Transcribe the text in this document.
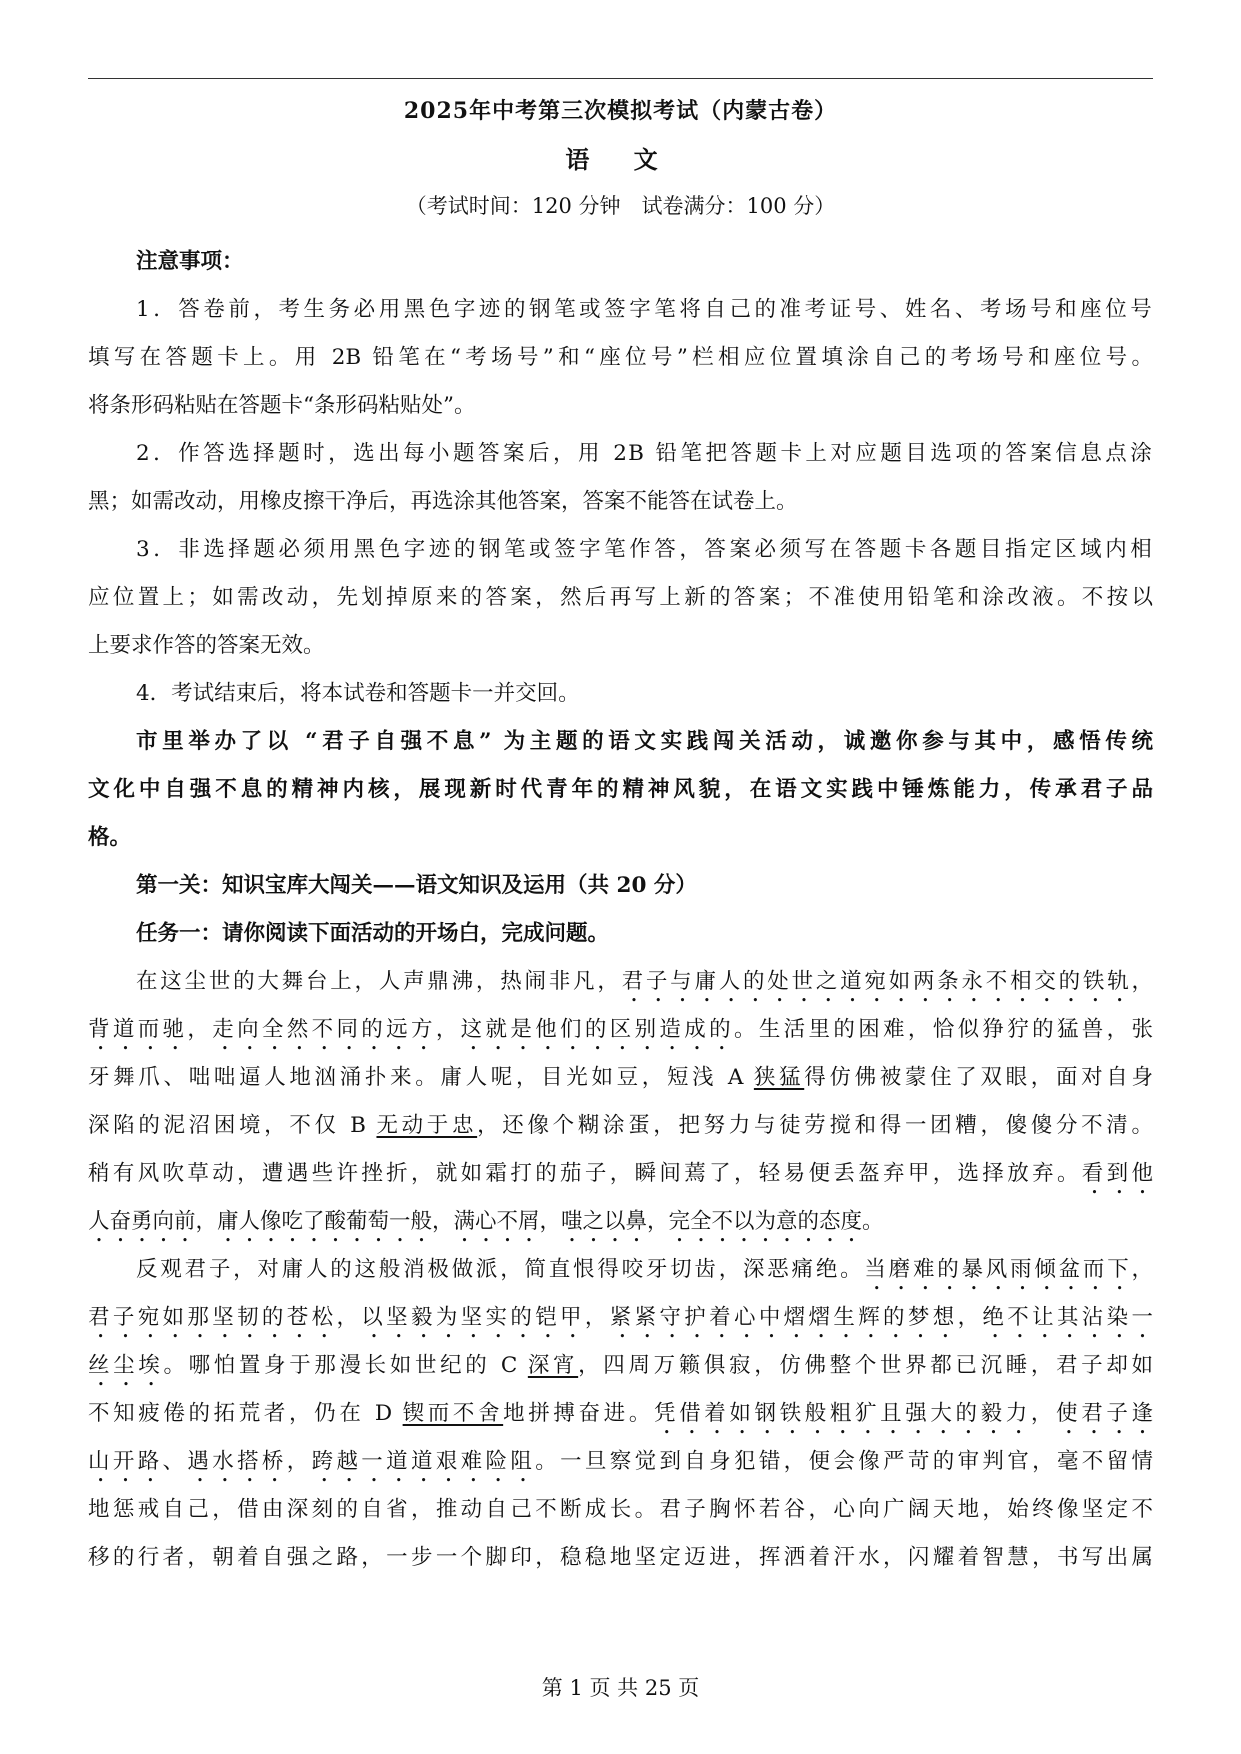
2025年中考第三次模拟考试（内蒙古卷）
语 文
（考试时间：120 分钟　试卷满分：100 分）
注意事项：
1．答卷前，考生务必用黑色字迹的钢笔或签字笔将自己的准考证号、姓名、考场号和座位号
填写在答题卡上。用 2B 铅笔在“考场号”和“座位号”栏相应位置填涂自己的考场号和座位号。
将条形码粘贴在答题卡“条形码粘贴处”。
2．作答选择题时，选出每小题答案后，用 2B 铅笔把答题卡上对应题目选项的答案信息点涂
黑；如需改动，用橡皮擦干净后，再选涂其他答案，答案不能答在试卷上。
3．非选择题必须用黑色字迹的钢笔或签字笔作答，答案必须写在答题卡各题目指定区域内相
应位置上；如需改动，先划掉原来的答案，然后再写上新的答案；不准使用铅笔和涂改液。不按以
上要求作答的答案无效。
4．考试结束后，将本试卷和答题卡一并交回。
市里举办了以 “君子自强不息” 为主题的语文实践闯关活动，诚邀你参与其中，感悟传统
文化中自强不息的精神内核，展现新时代青年的精神风貌，在语文实践中锤炼能力，传承君子品
格。
第一关：知识宝库大闯关——语文知识及运用（共 20 分）
任务一：请你阅读下面活动的开场白，完成问题。
在这尘世的大舞台上，人声鼎沸，热闹非凡，君子与庸人的处世之道宛如两条永不相交的铁轨，
背道而驰，走向全然不同的远方，这就是他们的区别造成的。生活里的困难，恰似狰狞的猛兽，张
牙舞爪、咄咄逼人地汹涌扑来。庸人呢，目光如豆，短浅 A 狭猛得仿佛被蒙住了双眼，面对自身
深陷的泥沼困境，不仅 B 无动于忠，还像个糊涂蛋，把努力与徒劳搅和得一团糟，傻傻分不清。
稍有风吹草动，遭遇些许挫折，就如霜打的茄子，瞬间蔫了，轻易便丢盔弃甲，选择放弃。看到他
人奋勇向前，庸人像吃了酸葡萄一般，满心不屑，嗤之以鼻，完全不以为意的态度。
反观君子，对庸人的这般消极做派，简直恨得咬牙切齿，深恶痛绝。当磨难的暴风雨倾盆而下，
君子宛如那坚韧的苍松，以坚毅为坚实的铠甲，紧紧守护着心中熠熠生辉的梦想，绝不让其沾染一
丝尘埃。哪怕置身于那漫长如世纪的 C 深宵，四周万籁俱寂，仿佛整个世界都已沉睡，君子却如
不知疲倦的拓荒者，仍在 D 锲而不舍地拼搏奋进。凭借着如钢铁般粗犷且强大的毅力，使君子逢
山开路、遇水搭桥，跨越一道道艰难险阻。一旦察觉到自身犯错，便会像严苛的审判官，毫不留情
地惩戒自己，借由深刻的自省，推动自己不断成长。君子胸怀若谷，心向广阔天地，始终像坚定不
移的行者，朝着自强之路，一步一个脚印，稳稳地坚定迈进，挥洒着汗水，闪耀着智慧，书写出属
第 1 页 共 25 页
